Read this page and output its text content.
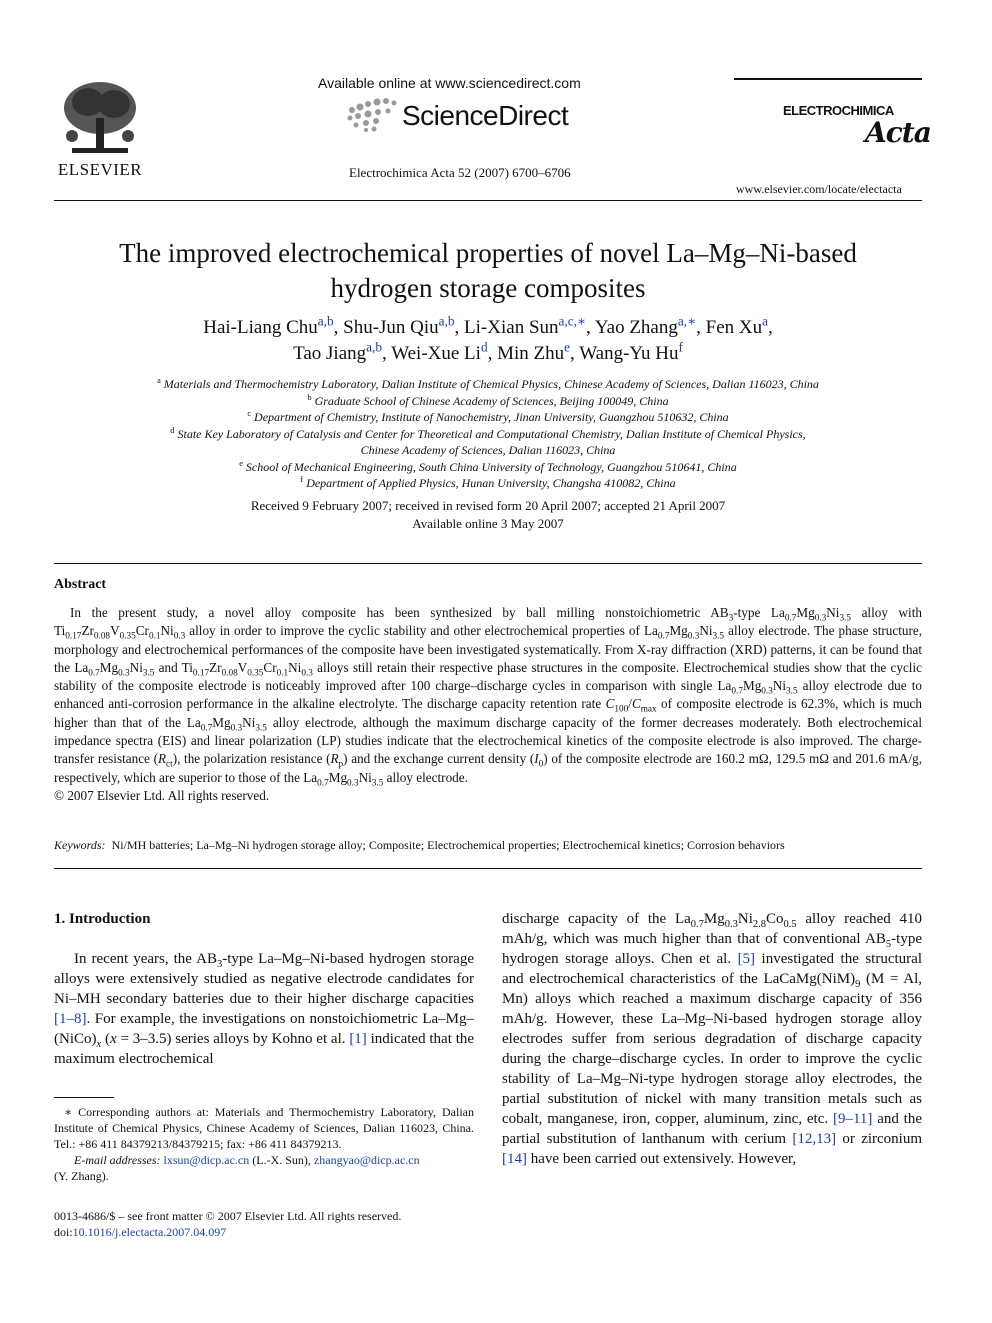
ELSEVIER
Available online at www.sciencedirect.com
ScienceDirect
Electrochimica Acta 52 (2007) 6700–6706
ELECTROCHIMICA
Acta
www.elsevier.com/locate/electacta
The improved electrochemical properties of novel La–Mg–Ni-based
hydrogen storage composites
Hai-Liang Chu$^{a,b}$, Shu-Jun Qiu$^{a,b}$, Li-Xian Sun$^{a,c,∗}$, Yao Zhang$^{a,∗}$, Fen Xu$^a$,
Tao Jiang$^{a,b}$, Wei-Xue Li$^d$, Min Zhu$^e$, Wang-Yu Hu$^f$
$^a$ Materials and Thermochemistry Laboratory, Dalian Institute of Chemical Physics, Chinese Academy of Sciences, Dalian 116023, China
$^b$ Graduate School of Chinese Academy of Sciences, Beijing 100049, China
$^c$ Department of Chemistry, Institute of Nanochemistry, Jinan University, Guangzhou 510632, China
$^d$ State Key Laboratory of Catalysis and Center for Theoretical and Computational Chemistry, Dalian Institute of Chemical Physics,
Chinese Academy of Sciences, Dalian 116023, China
$^e$ School of Mechanical Engineering, South China University of Technology, Guangzhou 510641, China
$^f$ Department of Applied Physics, Hunan University, Changsha 410082, China
Received 9 February 2007; received in revised form 20 April 2007; accepted 21 April 2007
Available online 3 May 2007
Abstract

In the present study, a novel alloy composite has been synthesized by ball milling nonstoichiometric $AB_3$-type $La_{0.7}Mg_{0.3}Ni_{3.5}$ alloy with $Ti_{0.17}Zr_{0.08}V_{0.35}Cr_{0.1}Ni_{0.3}$ alloy in order to improve the cyclic stability and other electrochemical properties of $La_{0.7}Mg_{0.3}Ni_{3.5}$ alloy electrode. The phase structure, morphology and electrochemical performances of the composite have been investigated systematically. From X-ray diffraction (XRD) patterns, it can be found that the $La_{0.7}Mg_{0.3}Ni_{3.5}$ and $Ti_{0.17}Zr_{0.08}V_{0.35}Cr_{0.1}Ni_{0.3}$ alloys still retain their respective phase structures in the composite. Electrochemical studies show that the cyclic stability of the composite electrode is noticeably improved after 100 charge–discharge cycles in comparison with single $La_{0.7}Mg_{0.3}Ni_{3.5}$ alloy electrode due to enhanced anti-corrosion performance in the alkaline electrolyte. The discharge capacity retention rate $C_{100}/C_{max}$ of composite electrode is 62.3%, which is much higher than that of the $La_{0.7}Mg_{0.3}Ni_{3.5}$ alloy electrode, although the maximum discharge capacity of the former decreases moderately. Both electrochemical impedance spectra (EIS) and linear polarization (LP) studies indicate that the electrochemical kinetics of the composite electrode is also improved. The charge-transfer resistance $(R_{ct})$, the polarization resistance $(R_p)$ and the exchange current density $(I_0)$ of the composite electrode are 160.2 mΩ, 129.5 mΩ and 201.6 mA/g, respectively, which are superior to those of the $La_{0.7}Mg_{0.3}Ni_{3.5}$ alloy electrode.

© 2007 Elsevier Ltd. All rights reserved.

Keywords: Ni/MH batteries; La–Mg–Ni hydrogen storage alloy; Composite; Electrochemical properties; Electrochemical kinetics; Corrosion behaviors
1. Introduction

In recent years, the $AB_3$-type La–Mg–Ni-based hydrogen storage alloys were extensively studied as negative electrode candidates for Ni–MH secondary batteries due to their higher discharge capacities [1–8]. For example, the investigations on nonstoichiometric $La-Mg-(NiCo)_x$ (x = 3–3.5) series alloys by Kohno et al. [1] indicated that the maximum electrochemical

∗ Corresponding authors at: Materials and Thermochemistry Laboratory, Dalian Institute of Chemical Physics, Chinese Academy of Sciences, Dalian 116023, China. Tel.: +86 411 84379213/84379215; fax: +86 411 84379213.

E-mail addresses: lxsun@dicp.ac.cn (L.-X. Sun), zhangyao@dicp.ac.cn

(Y. Zhang).

0013-4686/$ – see front matter © 2007 Elsevier Ltd. All rights reserved.
doi:10.1016/j.electacta.2007.04.097

discharge capacity of the $La_{0.7}Mg_{0.3}Ni_{2.8}Co_{0.5}$ alloy reached 410 mAh/g, which was much higher than that of conventional $AB_5$-type hydrogen storage alloys. Chen et al. [5] investigated the structural and electrochemical characteristics of the $LaCaMg(NiM)_9$ (M = Al, Mn) alloys which reached a maximum discharge capacity of 356 mAh/g. However, these La–Mg–Ni-based hydrogen storage alloy electrodes suffer from serious degradation of discharge capacity during the charge–discharge cycles. In order to improve the cyclic stability of La–Mg–Ni-type hydrogen storage alloy electrodes, the partial substitution of nickel with many transition metals such as cobalt, manganese, iron, copper, aluminum, zinc, etc. [9–11] and the partial substitution of lanthanum with cerium [12,13] or zirconium [14] have been carried out extensively. However,
